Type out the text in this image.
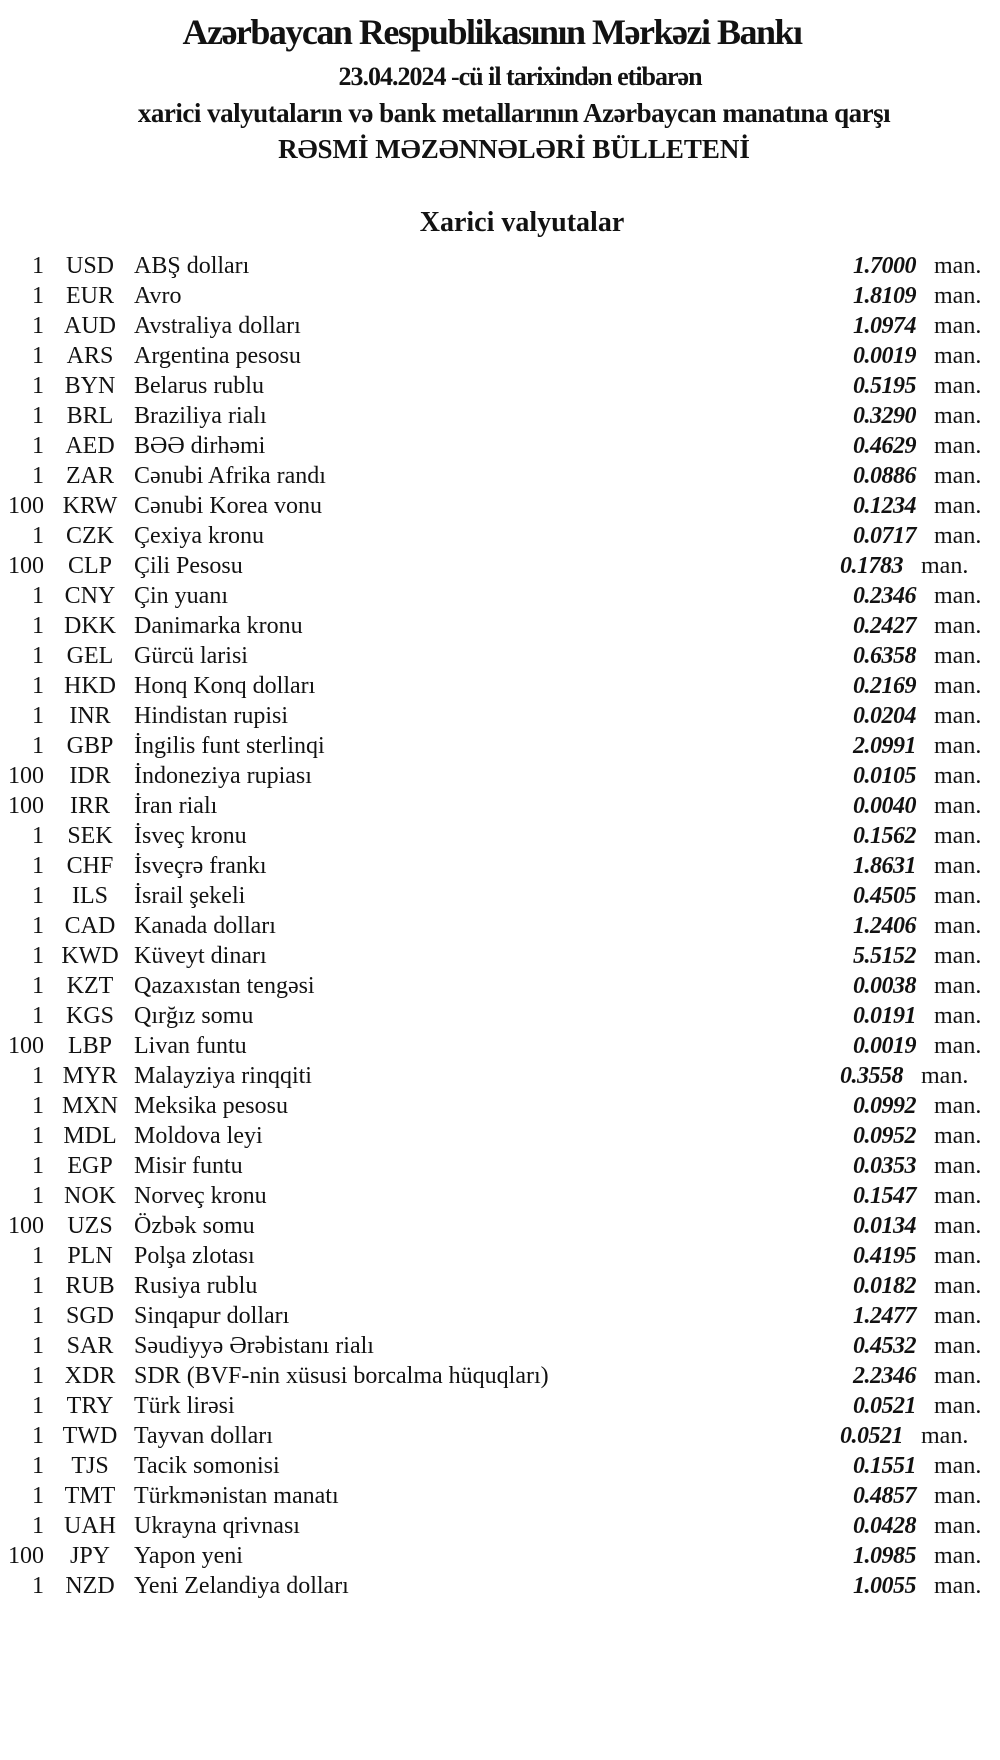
Azərbaycan Respublikasının Mərkəzi Bankı
23.04.2024 -cü il tarixindən etibarən
xarici valyutaların və bank metallarının Azərbaycan manatına qarşı
RƏSMİ MƏZƏNNƏLƏRİ BÜLLETENİ
Xarici valyutalar
1 USD ABŞ dolları	1.7000 man.
1 EUR Avro	1.8109 man.
1 AUD Avstraliya dolları	1.0974 man.
1 ARS Argentina pesosu	0.0019 man.
1 BYN Belarus rublu	0.5195 man.
1 BRL Braziliya rialı	0.3290 man.
1 AED BƏƏ dirhəmi	0.4629 man.
1 ZAR Cənubi Afrika randı	0.0886 man.
100 KRW Cənubi Korea vonu	0.1234 man.
1 CZK Çexiya kronu	0.0717 man.
100 CLP Çili Pesosu	0.1783 man.
1 CNY Çin yuanı	0.2346 man.
1 DKK Danimarka kronu	0.2427 man.
1 GEL Gürcü larisi	0.6358 man.
1 HKD Honq Konq dolları	0.2169 man.
1	INR Hindistan rupisi	0.0204 man.
1 GBP İngilis funt sterlinqi	2.0991 man.
100	IDR İndoneziya rupiası	0.0105 man.
100	IRR	İran rialı	0.0040 man.
1 SEK İsveç kronu	0.1562 man.
1 CHF İsveçrə frankı	1.8631 man.
1	ILS	İsrail şekeli	0.4505 man.
1 CAD Kanada dolları	1.2406 man.
1 KWD Küveyt dinarı	5.5152 man.
1 KZT Qazaxıstan tengəsi	0.0038 man.
1 KGS Qırğız somu	0.0191 man.
100 LBP Livan funtu	0.0019 man.
1 MYR Malayziya rinqqiti	0.3558 man.
1 MXN Meksika pesosu	0.0992 man.
1 MDL Moldova leyi	0.0952 man.
1 EGP Misir funtu	0.0353 man.
1 NOK Norveç kronu	0.1547 man.
100 UZS Özbək somu	0.0134 man.
1 PLN Polşa zlotası	0.4195 man.
1 RUB Rusiya rublu	0.0182 man.
1 SGD Sinqapur dolları	1.2477 man.
1 SAR Səudiyyə Ərəbistanı rialı	0.4532 man.
1 XDR SDR (BVF-nin xüsusi borcalma hüquqları)	2.2346 man.
1 TRY Türk lirəsi	0.0521 man.
1 TWD Tayvan dolları	0.0521 man.
1	TJS	Tacik somonisi	0.1551 man.
1 TMT Türkmənistan manatı	0.4857 man.
1 UAH Ukrayna qrivnası	0.0428 man.
100	JPY Yapon yeni	1.0985 man.
1 NZD Yeni Zelandiya dolları	1.0055 man.
